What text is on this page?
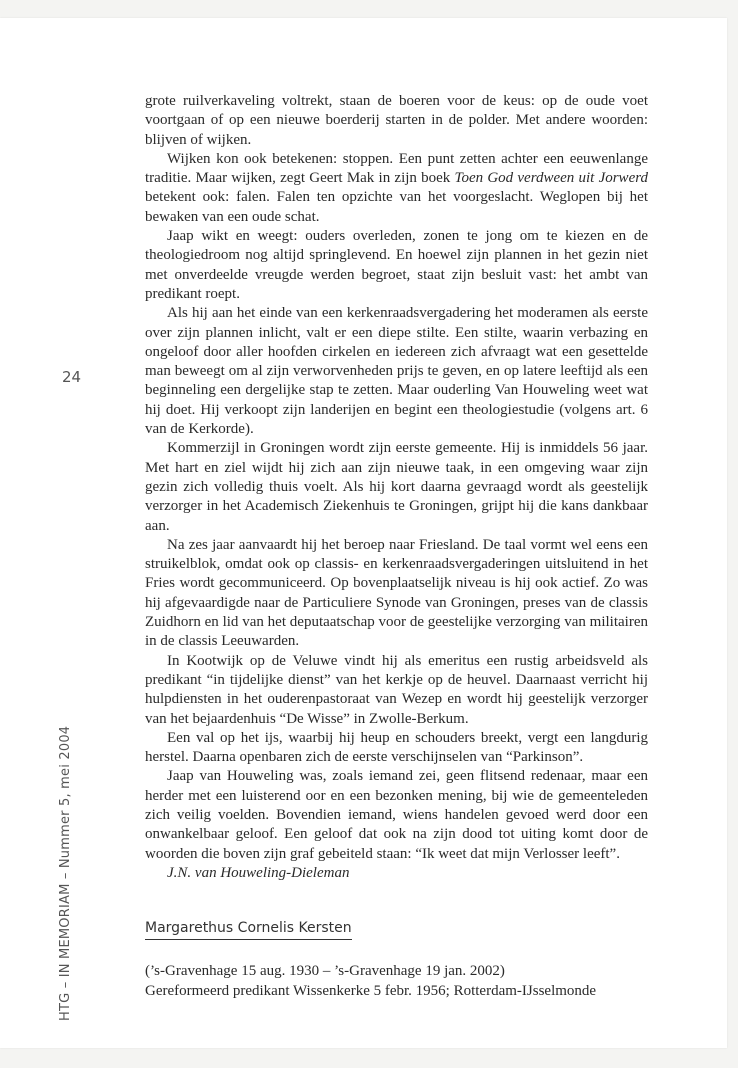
24
HTG – IN MEMORIAM – Nummer 5, mei 2004

grote ruilverkaveling voltrekt, staan de boeren voor de keus: op de oude voet voortgaan of op een nieuwe boerderij starten in de polder. Met andere woorden: blijven of wijken.

Wijken kon ook betekenen: stoppen. Een punt zetten achter een eeuwenlange traditie. Maar wijken, zegt Geert Mak in zijn boek Toen God verdween uit Jorwerd betekent ook: falen. Falen ten opzichte van het voorgeslacht. Weglopen bij het bewaken van een oude schat.

Jaap wikt en weegt: ouders overleden, zonen te jong om te kiezen en de theologiedroom nog altijd springlevend. En hoewel zijn plannen in het gezin niet met onverdeelde vreugde werden begroet, staat zijn besluit vast: het ambt van predikant roept.

Als hij aan het einde van een kerkenraadsvergadering het moderamen als eerste over zijn plannen inlicht, valt er een diepe stilte. Een stilte, waarin verbazing en ongeloof door aller hoofden cirkelen en iedereen zich afvraagt wat een gesettelde man beweegt om al zijn verworvenheden prijs te geven, en op latere leeftijd als een beginneling een dergelijke stap te zetten. Maar ouderling Van Houweling weet wat hij doet. Hij verkoopt zijn landerijen en begint een theologiestudie (volgens art. 6 van de Kerkorde).

Kommerzijl in Groningen wordt zijn eerste gemeente. Hij is inmiddels 56 jaar. Met hart en ziel wijdt hij zich aan zijn nieuwe taak, in een omgeving waar zijn gezin zich volledig thuis voelt. Als hij kort daarna gevraagd wordt als geestelijk verzorger in het Academisch Ziekenhuis te Groningen, grijpt hij die kans dankbaar aan.

Na zes jaar aanvaardt hij het beroep naar Friesland. De taal vormt wel eens een struikelblok, omdat ook op classis- en kerkenraadsvergaderingen uitsluitend in het Fries wordt gecommuniceerd. Op bovenplaatselijk niveau is hij ook actief. Zo was hij afgevaardigde naar de Particuliere Synode van Groningen, preses van de classis Zuidhorn en lid van het deputaatschap voor de geestelijke verzorging van militairen in de classis Leeuwarden.

In Kootwijk op de Veluwe vindt hij als emeritus een rustig arbeidsveld als predikant “in tijdelijke dienst” van het kerkje op de heuvel. Daarnaast verricht hij hulpdiensten in het ouderenpastoraat van Wezep en wordt hij geestelijk verzorger van het bejaardenhuis “De Wisse” in Zwolle-Berkum.

Een val op het ijs, waarbij hij heup en schouders breekt, vergt een langdurig herstel. Daarna openbaren zich de eerste verschijnselen van “Parkinson”.

Jaap van Houweling was, zoals iemand zei, geen flitsend redenaar, maar een herder met een luisterend oor en een bezonken mening, bij wie de gemeenteleden zich veilig voelden. Bovendien iemand, wiens handelen gevoed werd door een onwankelbaar geloof. Een geloof dat ook na zijn dood tot uiting komt door de woorden die boven zijn graf gebeiteld staan: “Ik weet dat mijn Verlosser leeft”.

J.N. van Houweling-Dieleman

Margarethus Cornelis Kersten

(’s-Gravenhage 15 aug. 1930 – ’s-Gravenhage 19 jan. 2002)

Gereformeerd predikant Wissenkerke 5 febr. 1956; Rotterdam-IJsselmonde
